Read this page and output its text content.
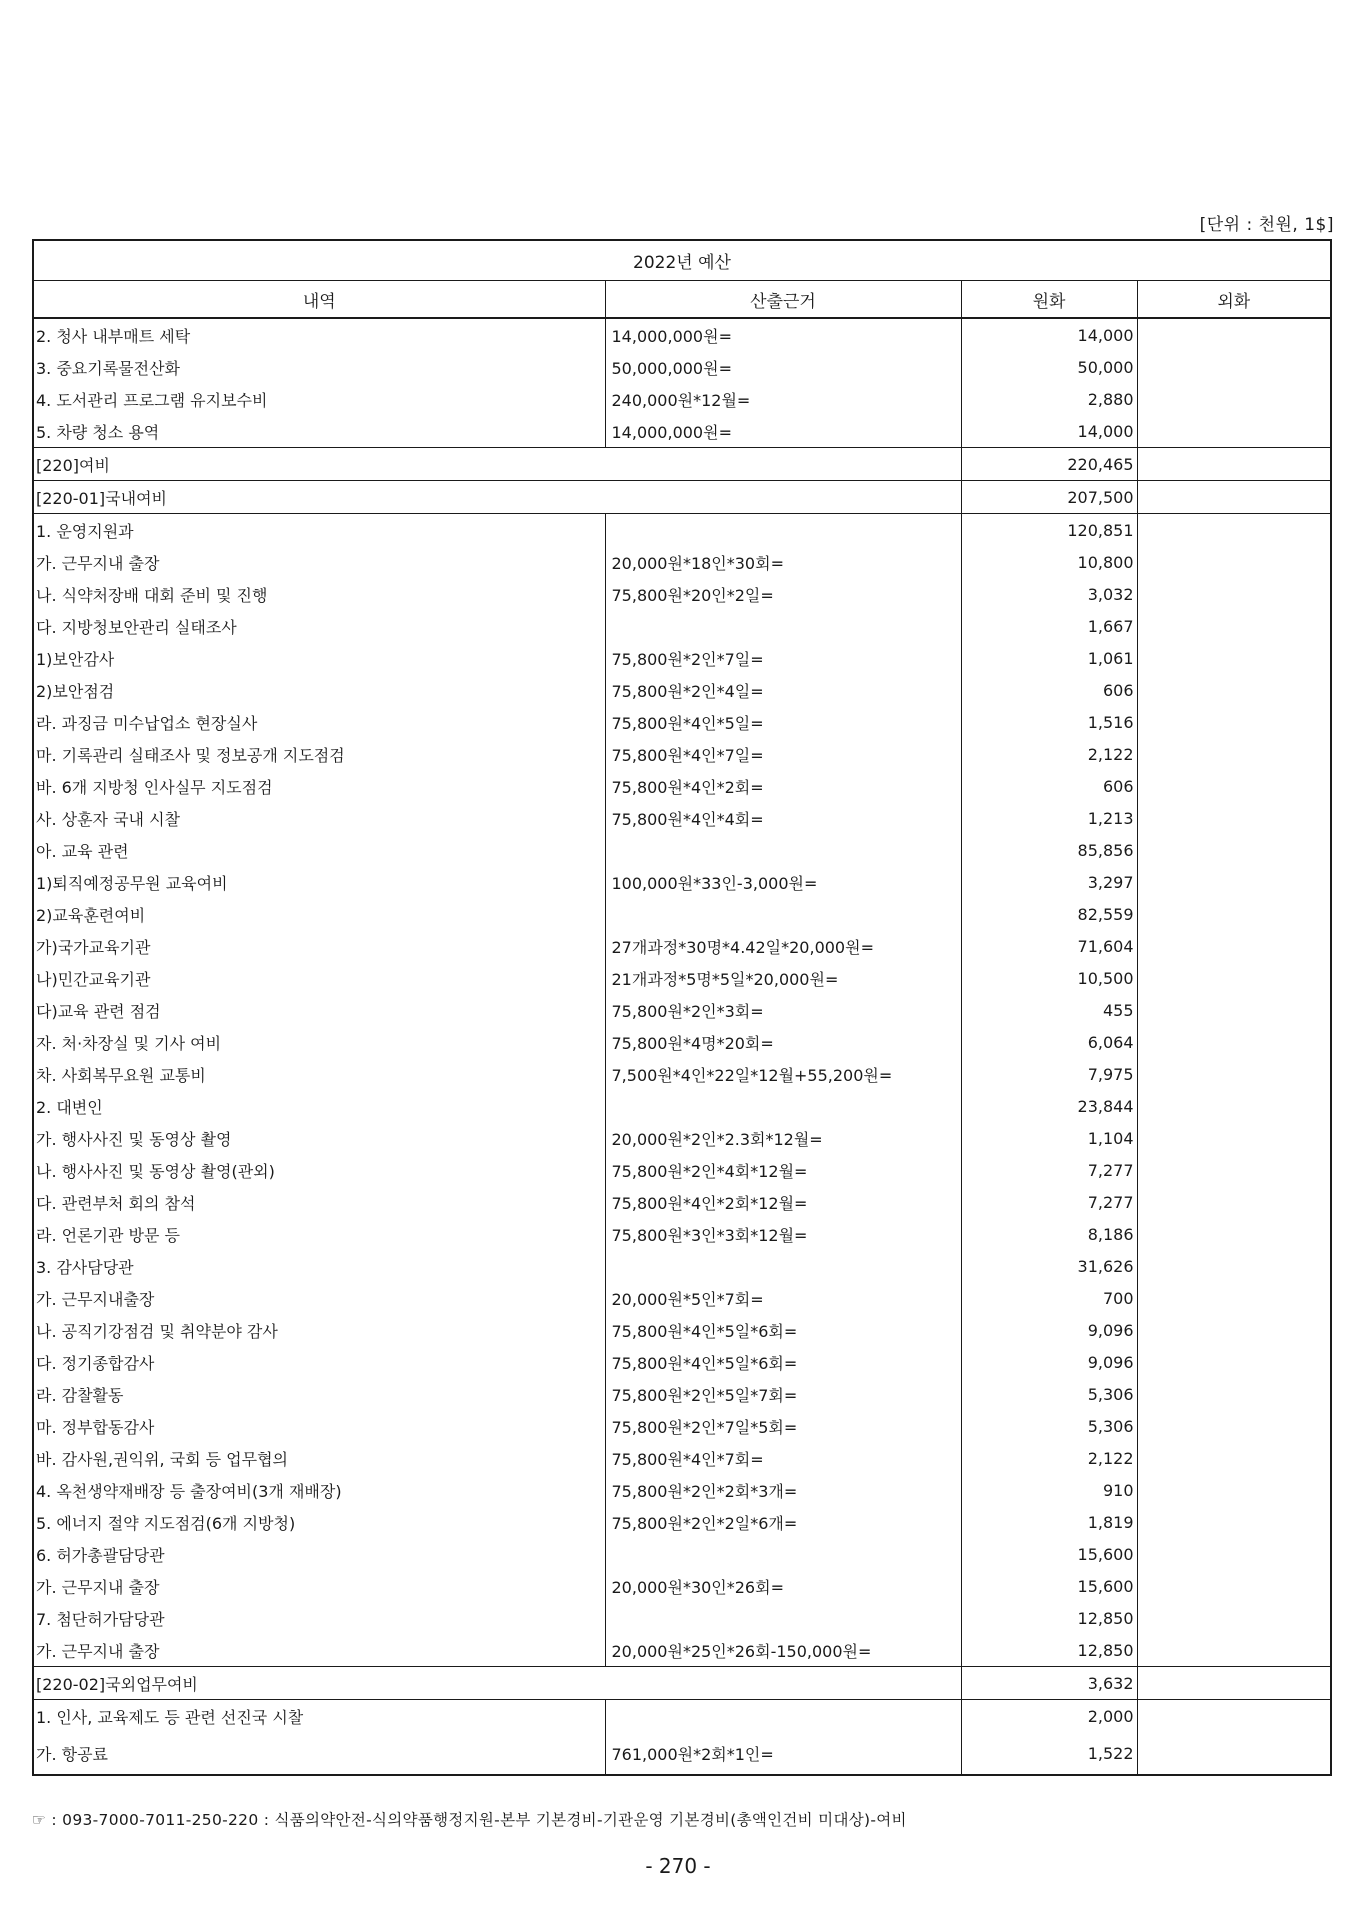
[단위 : 천원, 1$]
2022년 예산			
내역	산출근거	원화	외화
2. 청사 내부매트 세탁	14,000,000원=	14,000	
3. 중요기록물전산화	50,000,000원=	50,000	
4. 도서관리 프로그램 유지보수비	240,000원*12월=	2,880	
5. 차량 청소 용역	14,000,000원=	14,000	
[220]여비		220,465	
[220-01]국내여비		207,500	
1. 운영지원과		120,851	
가. 근무지내 출장	20,000원*18인*30회=	10,800	
나. 식약처장배 대회 준비 및 진행	75,800원*20인*2일=	3,032	
다. 지방청보안관리 실태조사		1,667	
1)보안감사	75,800원*2인*7일=	1,061	
2)보안점검	75,800원*2인*4일=	606	
라. 과징금 미수납업소 현장실사	75,800원*4인*5일=	1,516	
마. 기록관리 실태조사 및 정보공개 지도점검	75,800원*4인*7일=	2,122	
바. 6개 지방청 인사실무 지도점검	75,800원*4인*2회=	606	
사. 상훈자 국내 시찰	75,800원*4인*4회=	1,213	
아. 교육 관련		85,856	
1)퇴직예정공무원 교육여비	100,000원*33인-3,000원=	3,297	
2)교육훈련여비		82,559	
가)국가교육기관	27개과정*30명*4.42일*20,000원=	71,604	
나)민간교육기관	21개과정*5명*5일*20,000원=	10,500	
다)교육 관련 점검	75,800원*2인*3회=	455	
자. 처·차장실 및 기사 여비	75,800원*4명*20회=	6,064	
차. 사회복무요원 교통비	7,500원*4인*22일*12월+55,200원=	7,975	
2. 대변인		23,844	
가. 행사사진 및 동영상 촬영	20,000원*2인*2.3회*12월=	1,104	
나. 행사사진 및 동영상 촬영(관외)	75,800원*2인*4회*12월=	7,277	
다. 관련부처 회의 참석	75,800원*4인*2회*12월=	7,277	
라. 언론기관 방문 등	75,800원*3인*3회*12월=	8,186	
3. 감사담당관		31,626	
가. 근무지내출장	20,000원*5인*7회=	700	
나. 공직기강점검 및 취약분야 감사	75,800원*4인*5일*6회=	9,096	
다. 정기종합감사	75,800원*4인*5일*6회=	9,096	
라. 감찰활동	75,800원*2인*5일*7회=	5,306	
마. 정부합동감사	75,800원*2인*7일*5회=	5,306	
바. 감사원,권익위, 국회 등 업무협의	75,800원*4인*7회=	2,122	
4. 옥천생약재배장 등 출장여비(3개 재배장)	75,800원*2인*2회*3개=	910	
5. 에너지 절약 지도점검(6개 지방청)	75,800원*2인*2일*6개=	1,819	
6. 허가총괄담당관		15,600	
가. 근무지내 출장	20,000원*30인*26회=	15,600	
7. 첨단허가담당관		12,850	
가. 근무지내 출장	20,000원*25인*26회-150,000원=	12,850	
[220-02]국외업무여비		3,632	
1. 인사, 교육제도 등 관련 선진국 시찰		2,000	
가. 항공료	761,000원*2회*1인=	1,522	
☞ : 093-7000-7011-250-220 : 식품의약안전-식의약품행정지원-본부 기본경비-기관운영 기본경비(총액인건비 미대상)-여비
- 270 -
